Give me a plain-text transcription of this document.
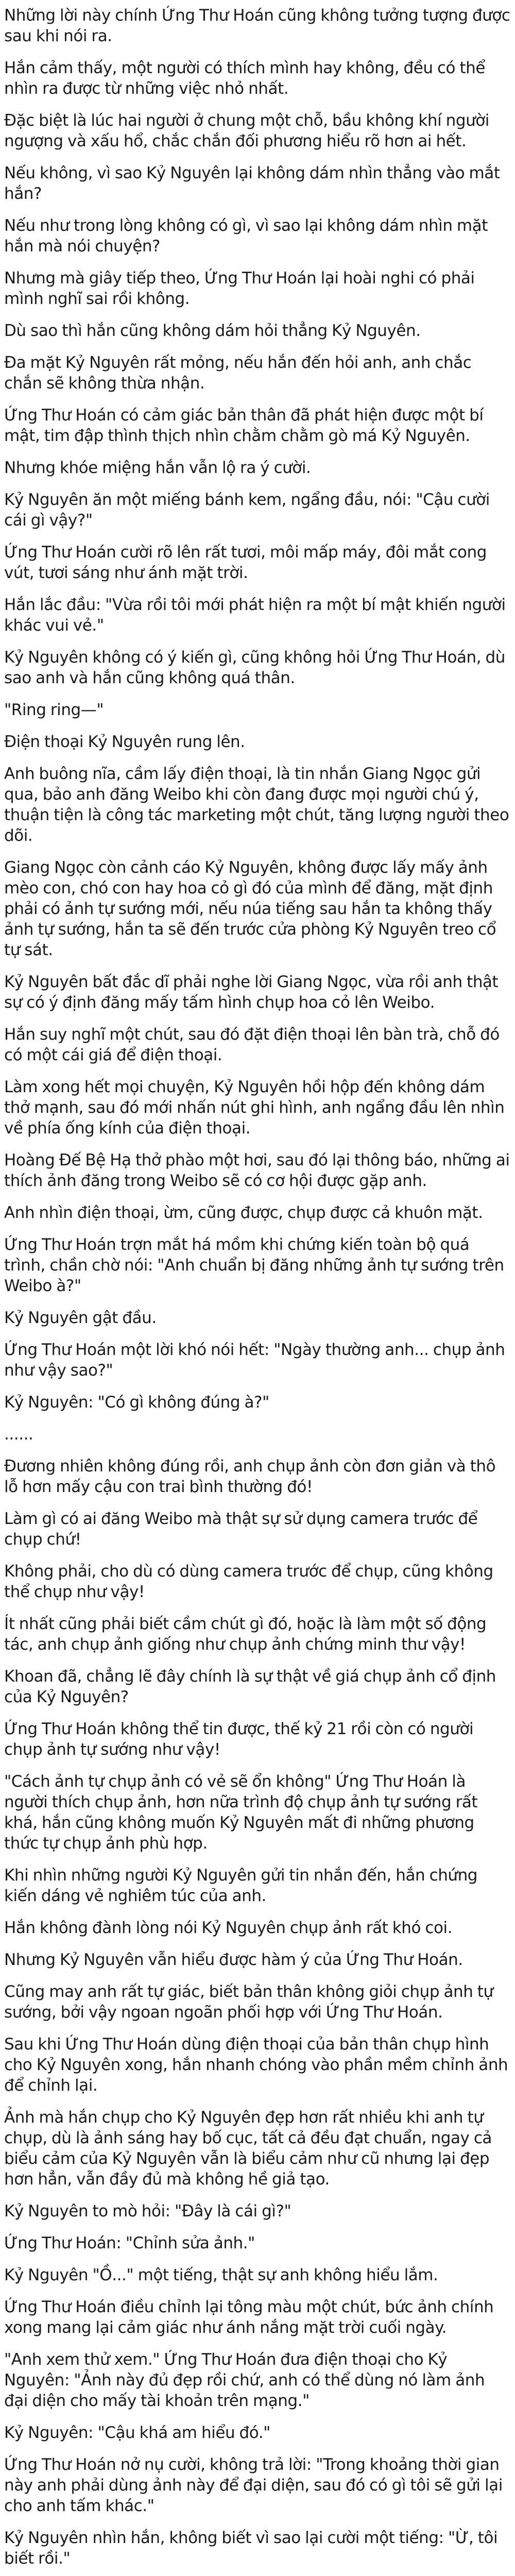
Những lời này chính Ứng Thư Hoán cũng không tưởng tượng được sau khi nói ra.

Hắn cảm thấy, một người có thích mình hay không, đều có thể nhìn ra được từ những việc nhỏ nhất.

Đặc biệt là lúc hai người ở chung một chỗ, bầu không khí người ngượng và xấu hổ, chắc chắn đối phương hiểu rõ hơn ai hết.

Nếu không, vì sao Kỷ Nguyên lại không dám nhìn thẳng vào mắt hắn?

Nếu như trong lòng không có gì, vì sao lại không dám nhìn mặt hắn mà nói chuyện?

Nhưng mà giây tiếp theo, Ứng Thư Hoán lại hoài nghi có phải mình nghĩ sai rồi không.

Dù sao thì hắn cũng không dám hỏi thẳng Kỷ Nguyên.

Đa mặt Kỷ Nguyên rất mỏng, nếu hắn đến hỏi anh, anh chắc chắn sẽ không thừa nhận.

Ứng Thư Hoán có cảm giác bản thân đã phát hiện được một bí mật, tim đập thình thịch nhìn chằm chằm gò má Kỷ Nguyên.

Nhưng khóe miệng hắn vẫn lộ ra ý cười.

Kỷ Nguyên ăn một miếng bánh kem, ngẩng đầu, nói: "Cậu cười cái gì vậy?"

Ứng Thư Hoán cười rõ lên rất tươi, môi mấp máy, đôi mắt cong vút, tươi sáng như ánh mặt trời.

Hắn lắc đầu: "Vừa rồi tôi mới phát hiện ra một bí mật khiến người khác vui vẻ."

Kỷ Nguyên không có ý kiến gì, cũng không hỏi Ứng Thư Hoán, dù sao anh và hắn cũng không quá thân.

"Ring ring—"

Điện thoại Kỷ Nguyên rung lên.

Anh buông nĩa, cầm lấy điện thoại, là tin nhắn Giang Ngọc gửi qua, bảo anh đăng Weibo khi còn đang được mọi người chú ý, thuận tiện là công tác marketing một chút, tăng lượng người theo dõi.

Giang Ngọc còn cảnh cáo Kỷ Nguyên, không được lấy mấy ảnh mèo con, chó con hay hoa cỏ gì đó của mình để đăng, mặt định phải có ảnh tự sướng mới, nếu núa tiếng sau hắn ta không thấy ảnh tự sướng, hắn ta sẽ đến trước cửa phòng Kỷ Nguyên treo cổ tự sát.

Kỷ Nguyên bất đắc dĩ phải nghe lời Giang Ngọc, vừa rồi anh thật sự có ý định đăng mấy tấm hình chụp hoa cỏ lên Weibo.

Hắn suy nghĩ một chút, sau đó đặt điện thoại lên bàn trà, chỗ đó có một cái giá để điện thoại.

Làm xong hết mọi chuyện, Kỷ Nguyên hồi hộp đến không dám thở mạnh, sau đó mới nhấn nút ghi hình, anh ngẩng đầu lên nhìn về phía ống kính của điện thoại.

Hoàng Đế Bệ Hạ thở phào một hơi, sau đó lại thông báo, những ai thích ảnh đăng trong Weibo sẽ có cơ hội được gặp anh.

Anh nhìn điện thoại, ừm, cũng được, chụp được cả khuôn mặt.

Ứng Thư Hoán trợn mắt há mồm khi chứng kiến toàn bộ quá trình, chần chờ nói: "Anh chuẩn bị đăng những ảnh tự sướng trên Weibo à?"

Kỷ Nguyên gật đầu.

Ứng Thư Hoán một lời khó nói hết: "Ngày thường anh... chụp ảnh như vậy sao?"

Kỷ Nguyên: "Có gì không đúng à?"

......

Đương nhiên không đúng rồi, anh chụp ảnh còn đơn giản và thô lỗ hơn mấy cậu con trai bình thường đó!

Làm gì có ai đăng Weibo mà thật sự sử dụng camera trước để chụp chứ!

Không phải, cho dù có dùng camera trước để chụp, cũng không thể chụp như vậy!

Ít nhất cũng phải biết cầm chút gì đó, hoặc là làm một số động tác, anh chụp ảnh giống như chụp ảnh chứng minh thư vậy!

Khoan đã, chẳng lẽ đây chính là sự thật về giá chụp ảnh cổ định của Kỷ Nguyên?

Ứng Thư Hoán không thể tin được, thế kỷ 21 rồi còn có người chụp ảnh tự sướng như vậy!

"Cách ảnh tự chụp ảnh có vẻ sẽ ổn không" Ứng Thư Hoán là người thích chụp ảnh, hơn nữa trình độ chụp ảnh tự sướng rất khá, hắn cũng không muốn Kỷ Nguyên mất đi những phương thức tự chụp ảnh phù hợp.

Khi nhìn những người Kỷ Nguyên gửi tin nhắn đến, hắn chứng kiến dáng vẻ nghiêm túc của anh.

Hắn không đành lòng nói Kỷ Nguyên chụp ảnh rất khó coi.

Nhưng Kỷ Nguyên vẫn hiểu được hàm ý của Ứng Thư Hoán.

Cũng may anh rất tự giác, biết bản thân không giỏi chụp ảnh tự sướng, bởi vậy ngoan ngoãn phối hợp với Ứng Thư Hoán.

Sau khi Ứng Thư Hoán dùng điện thoại của bản thân chụp hình cho Kỷ Nguyên xong, hắn nhanh chóng vào phần mềm chỉnh ảnh để chỉnh lại.

Ảnh mà hắn chụp cho Kỷ Nguyên đẹp hơn rất nhiều khi anh tự chụp, dù là ảnh sáng hay bố cục, tất cả đều đạt chuẩn, ngay cả biểu cảm của Kỷ Nguyên vẫn là biểu cảm như cũ nhưng lại đẹp hơn hẳn, vẫn đầy đủ mà không hề giả tạo.

Kỷ Nguyên to mò hỏi: "Đây là cái gì?"

Ứng Thư Hoán: "Chỉnh sửa ảnh."

Kỷ Nguyên "Ồ..." một tiếng, thật sự anh không hiểu lắm.

Ứng Thư Hoán điều chỉnh lại tông màu một chút, bức ảnh chính xong mang lại cảm giác như ánh nắng mặt trời cuối ngày.

"Anh xem thử xem." Ứng Thư Hoán đưa điện thoại cho Kỷ Nguyên: "Ảnh này đủ đẹp rồi chứ, anh có thể dùng nó làm ảnh đại diện cho mấy tài khoản trên mạng."

Kỷ Nguyên: "Cậu khá am hiểu đó."

Ứng Thư Hoán nở nụ cười, không trả lời: "Trong khoảng thời gian này anh phải dùng ảnh này để đại diện, sau đó có gì tôi sẽ gửi lại cho anh tấm khác."

Kỷ Nguyên nhìn hắn, không biết vì sao lại cười một tiếng: "Ừ, tôi biết rồi."
